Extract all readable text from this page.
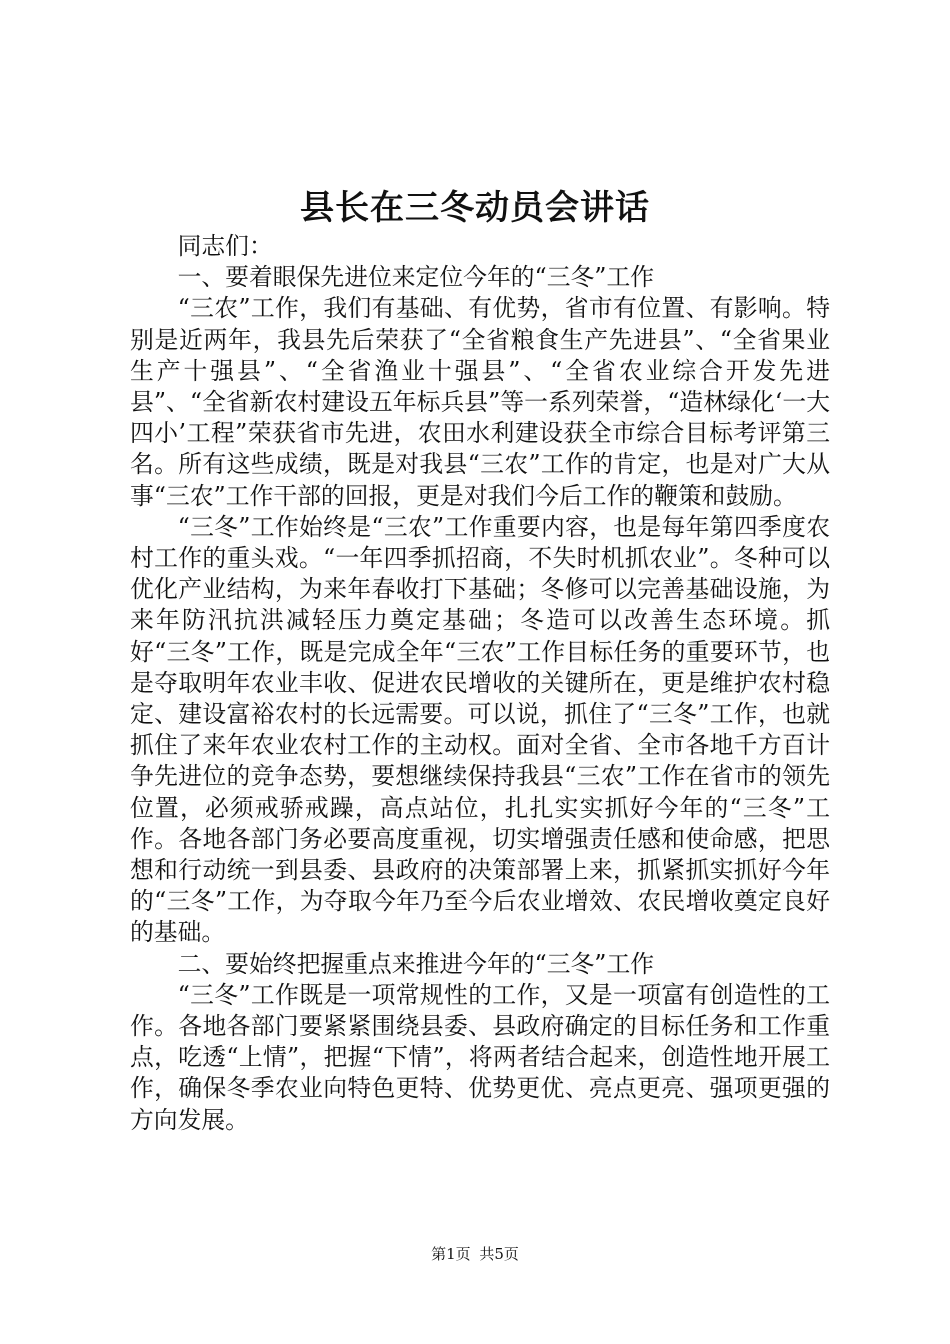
县长在三冬动员会讲话

同志们：

一、要着眼保先进位来定位今年的“三冬”工作

“三农”工作，我们有基础、有优势，省市有位置、有影响。特别是近两年，我县先后荣获了“全省粮食生产先进县”、“全省果业生产十强县”、“全省渔业十强县”、“全省农业综合开发先进县”、“全省新农村建设五年标兵县”等一系列荣誉，“造林绿化‘一大四小’工程”荣获省市先进，农田水利建设获全市综合目标考评第三名。所有这些成绩，既是对我县“三农”工作的肯定，也是对广大从事“三农”工作干部的回报，更是对我们今后工作的鞭策和鼓励。

“三冬”工作始终是“三农”工作重要内容，也是每年第四季度农村工作的重头戏。“一年四季抓招商，不失时机抓农业”。冬种可以优化产业结构，为来年春收打下基础；冬修可以完善基础设施，为来年防汛抗洪减轻压力奠定基础；冬造可以改善生态环境。抓好“三冬”工作，既是完成全年“三农”工作目标任务的重要环节，也是夺取明年农业丰收、促进农民增收的关键所在，更是维护农村稳定、建设富裕农村的长远需要。可以说，抓住了“三冬”工作，也就抓住了来年农业农村工作的主动权。面对全省、全市各地千方百计争先进位的竞争态势，要想继续保持我县“三农”工作在省市的领先位置，必须戒骄戒躁，高点站位，扎扎实实抓好今年的“三冬”工作。各地各部门务必要高度重视，切实增强责任感和使命感，把思想和行动统一到县委、县政府的决策部署上来，抓紧抓实抓好今年的“三冬”工作，为夺取今年乃至今后农业增效、农民增收奠定良好的基础。

二、要始终把握重点来推进今年的“三冬”工作

“三冬”工作既是一项常规性的工作，又是一项富有创造性的工作。各地各部门要紧紧围绕县委、县政府确定的目标任务和工作重点，吃透“上情”，把握“下情”，将两者结合起来，创造性地开展工作，确保冬季农业向特色更特、优势更优、亮点更亮、强项更强的方向发展。

第1页 共5页
